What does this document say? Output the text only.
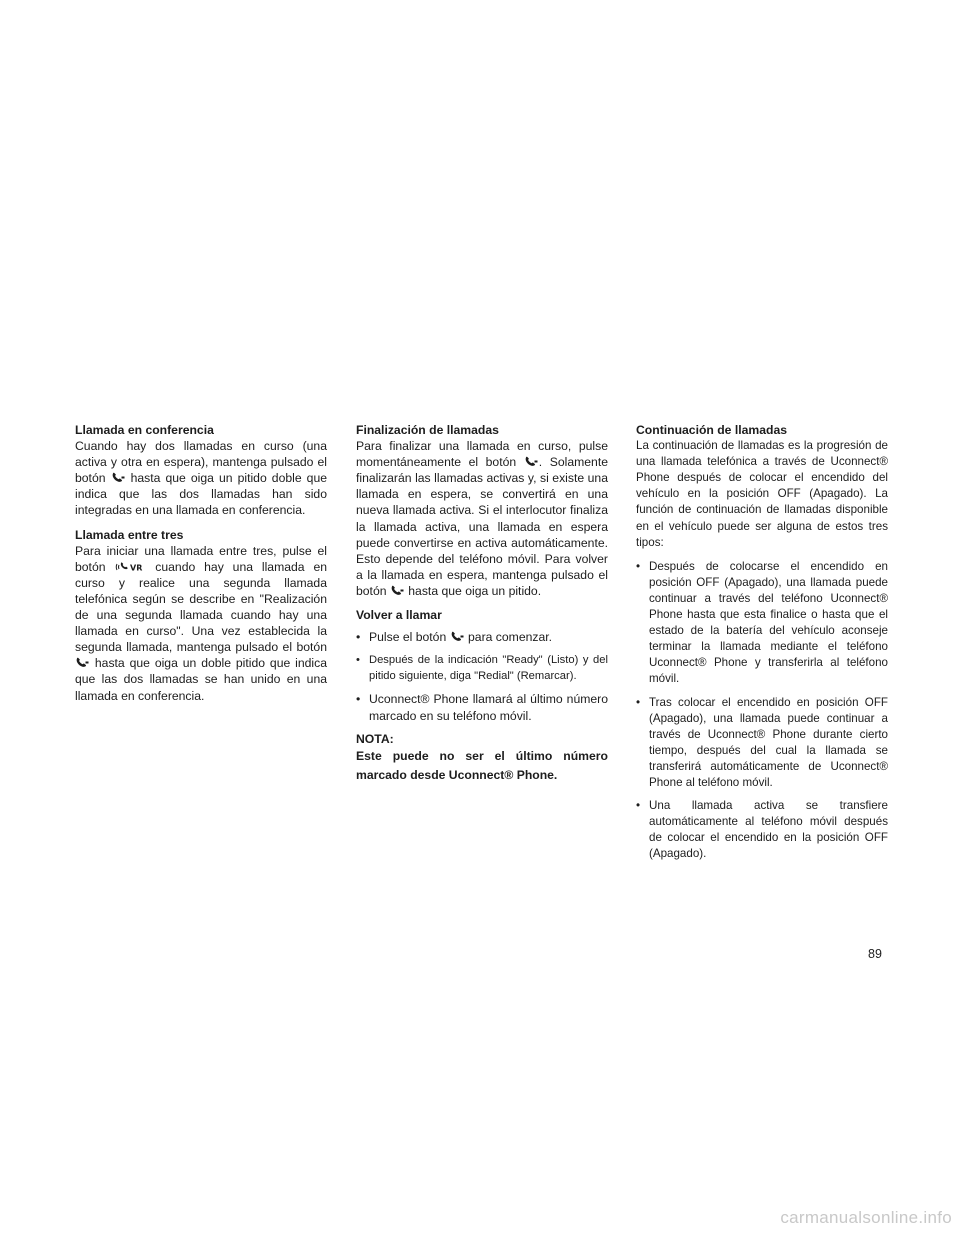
Llamada en conferencia

Cuando hay dos llamadas en curso (una activa y otra en espera), mantenga pulsado el botón hasta que oiga un pitido doble que indica que las dos llamadas han sido integradas en una llamada en conferencia.

Llamada entre tres

Para iniciar una llamada entre tres, pulse el botón	VR cuando hay una llamada en curso y realice una segunda llamada telefónica según se describe en "Realización de una segunda llamada cuando hay una llamada en curso". Una vez establecida la segunda llamada, mantenga pulsado el botón  hasta que oiga un doble pitido que indica que las dos llamadas se han unido en una llamada en conferencia.

Finalización de llamadas

Para finalizar una llamada en curso, pulse momentáneamente el botón . Solamente finalizarán las llamadas activas y, si existe una llamada en espera, se convertirá en una nueva llamada activa. Si el interlocutor finaliza la llamada activa, una llamada en espera puede convertirse en activa automáticamente. Esto depende del teléfono móvil. Para volver a la llamada en espera, mantenga pulsado el botón hasta que oiga un pitido.

Volver a llamar

• Pulse el botón para comenzar.
• Después de la indicación "Ready" (Listo) y del pitido siguiente, diga "Redial" (Remarcar).
• Uconnect® Phone llamará al último número marcado en su teléfono móvil.

NOTA:

Este puede no ser el último número marcado desde Uconnect® Phone.

Continuación de llamadas

La continuación de llamadas es la progresión de una llamada telefónica a través de Uconnect® Phone después de colocar el encendido del vehículo en la posición OFF (Apagado). La función de continuación de llamadas disponible en el vehículo puede ser alguna de estos tres tipos:

• Después de colocarse el encendido en posición OFF (Apagado), una llamada puede continuar a través del teléfono Uconnect® Phone hasta que esta finalice o hasta que el estado de la batería del vehículo aconseje terminar la llamada mediante el teléfono Uconnect® Phone y transferirla al teléfono móvil.
• Tras colocar el encendido en posición OFF (Apagado), una llamada puede continuar a través de Uconnect® Phone durante cierto tiempo, después del cual la llamada se transferirá automáticamente de Uconnect® Phone al teléfono móvil.
• Una llamada activa se transfiere automáticamente al teléfono móvil después de colocar el encendido en la posición OFF (Apagado).
89
carmanualsonline.info
